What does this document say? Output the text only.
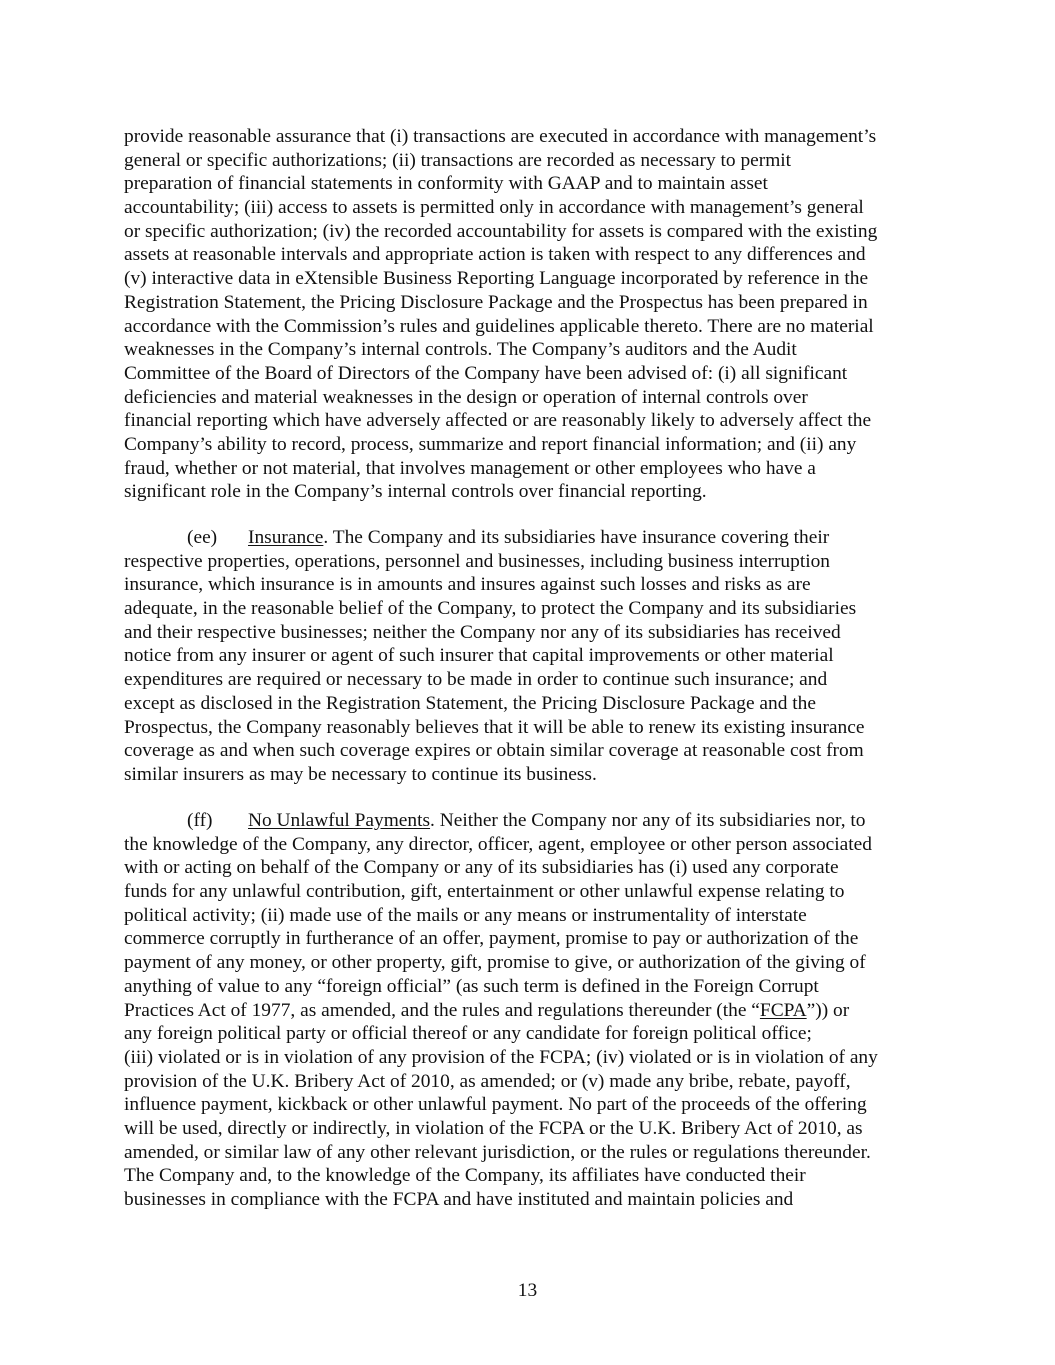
provide reasonable assurance that (i) transactions are executed in accordance with management’s
general or specific authorizations; (ii) transactions are recorded as necessary to permit
preparation of financial statements in conformity with GAAP and to maintain asset
accountability; (iii) access to assets is permitted only in accordance with management’s general
or specific authorization; (iv) the recorded accountability for assets is compared with the existing
assets at reasonable intervals and appropriate action is taken with respect to any differences and
(v) interactive data in eXtensible Business Reporting Language incorporated by reference in the
Registration Statement, the Pricing Disclosure Package and the Prospectus has been prepared in
accordance with the Commission’s rules and guidelines applicable thereto. There are no material
weaknesses in the Company’s internal controls. The Company’s auditors and the Audit
Committee of the Board of Directors of the Company have been advised of: (i) all significant
deficiencies and material weaknesses in the design or operation of internal controls over
financial reporting which have adversely affected or are reasonably likely to adversely affect the
Company’s ability to record, process, summarize and report financial information; and (ii) any
fraud, whether or not material, that involves management or other employees who have a
significant role in the Company’s internal controls over financial reporting.
(ee) Insurance. The Company and its subsidiaries have insurance covering their
respective properties, operations, personnel and businesses, including business interruption
insurance, which insurance is in amounts and insures against such losses and risks as are
adequate, in the reasonable belief of the Company, to protect the Company and its subsidiaries
and their respective businesses; neither the Company nor any of its subsidiaries has received
notice from any insurer or agent of such insurer that capital improvements or other material
expenditures are required or necessary to be made in order to continue such insurance; and
except as disclosed in the Registration Statement, the Pricing Disclosure Package and the
Prospectus, the Company reasonably believes that it will be able to renew its existing insurance
coverage as and when such coverage expires or obtain similar coverage at reasonable cost from
similar insurers as may be necessary to continue its business.
(ff) No Unlawful Payments. Neither the Company nor any of its subsidiaries nor, to
the knowledge of the Company, any director, officer, agent, employee or other person associated
with or acting on behalf of the Company or any of its subsidiaries has (i) used any corporate
funds for any unlawful contribution, gift, entertainment or other unlawful expense relating to
political activity; (ii) made use of the mails or any means or instrumentality of interstate
commerce corruptly in furtherance of an offer, payment, promise to pay or authorization of the
payment of any money, or other property, gift, promise to give, or authorization of the giving of
anything of value to any “foreign official” (as such term is defined in the Foreign Corrupt
Practices Act of 1977, as amended, and the rules and regulations thereunder (the “FCPA”)) or
any foreign political party or official thereof or any candidate for foreign political office;
(iii) violated or is in violation of any provision of the FCPA; (iv) violated or is in violation of any
provision of the U.K. Bribery Act of 2010, as amended; or (v) made any bribe, rebate, payoff,
influence payment, kickback or other unlawful payment. No part of the proceeds of the offering
will be used, directly or indirectly, in violation of the FCPA or the U.K. Bribery Act of 2010, as
amended, or similar law of any other relevant jurisdiction, or the rules or regulations thereunder.
The Company and, to the knowledge of the Company, its affiliates have conducted their
businesses in compliance with the FCPA and have instituted and maintain policies and
13
